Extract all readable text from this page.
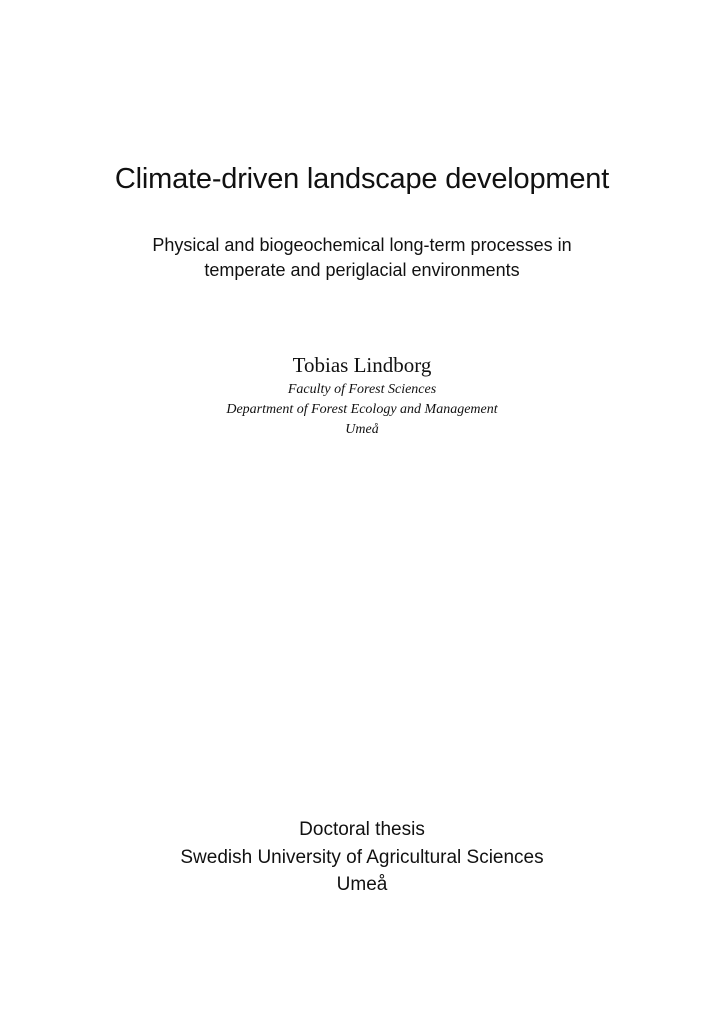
Climate-driven landscape development
Physical and biogeochemical long-term processes in
temperate and periglacial environments
Tobias Lindborg
Faculty of Forest Sciences
Department of Forest Ecology and Management
Umeå
Doctoral thesis
Swedish University of Agricultural Sciences
Umeå
